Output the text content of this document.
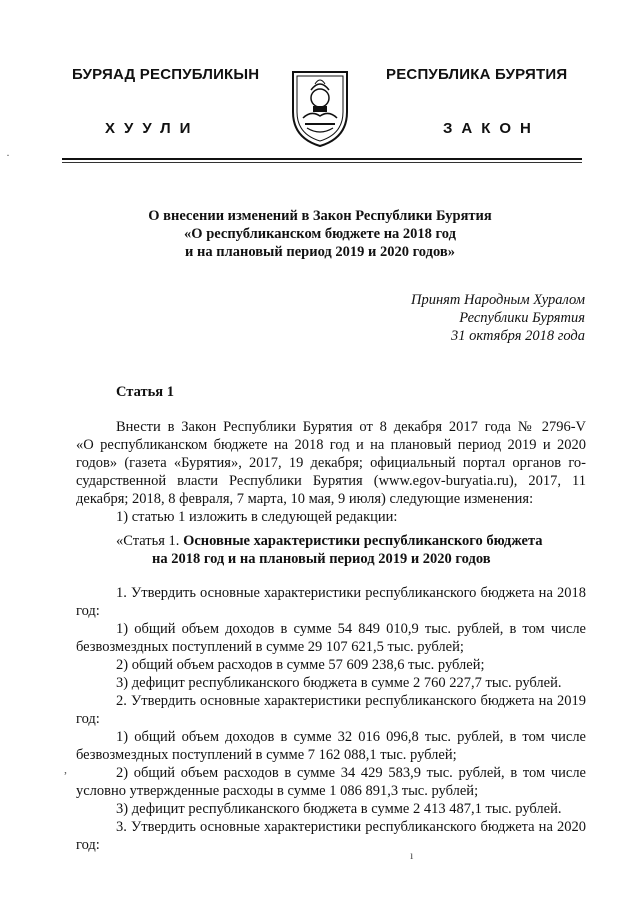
БУРЯАД РЕСПУБЛИКЫН	РЕСПУБЛИКА БУРЯТИЯ
ХУУЛИ	ЗАКОН
О внесении изменений в Закон Республики Бурятия
«О республиканском бюджете на 2018 год
и на плановый период 2019 и 2020 годов»
Принят Народным Хуралом
Республики Бурятия
31 октября 2018 года
Статья 1
Внести в Закон Республики Бурятия от 8 декабря 2017 года № 2796-V
«О республиканском бюджете на 2018 год и на плановый период 2019 и 2020
годов» (газета «Бурятия», 2017, 19 декабря; официальный портал органов го-
сударственной власти Республики Бурятия (www.egov-buryatia.ru), 2017, 11
декабря; 2018, 8 февраля, 7 марта, 10 мая, 9 июля) следующие изменения:
1) статью 1 изложить в следующей редакции:
«Статья 1. Основные характеристики республиканского бюджета
на 2018 год и на плановый период 2019 и 2020 годов
1. Утвердить основные характеристики республиканского бюджета на 2018
год:
1) общий объем доходов в сумме 54 849 010,9 тыс. рублей, в том числе
безвозмездных поступлений в сумме 29 107 621,5 тыс. рублей;
2) общий объем расходов в сумме 57 609 238,6 тыс. рублей;
3) дефицит республиканского бюджета в сумме 2 760 227,7 тыс. рублей.
2. Утвердить основные характеристики республиканского бюджета на 2019
год:
1) общий объем доходов в сумме 32 016 096,8 тыс. рублей, в том числе
безвозмездных поступлений в сумме 7 162 088,1 тыс. рублей;
2) общий объем расходов в сумме 34 429 583,9 тыс. рублей, в том числе
условно утвержденные расходы в сумме 1 086 891,3 тыс. рублей;
3) дефицит республиканского бюджета в сумме 2 413 487,1 тыс. рублей.
3. Утвердить основные характеристики республиканского бюджета на 2020
год:
·
,
ı
